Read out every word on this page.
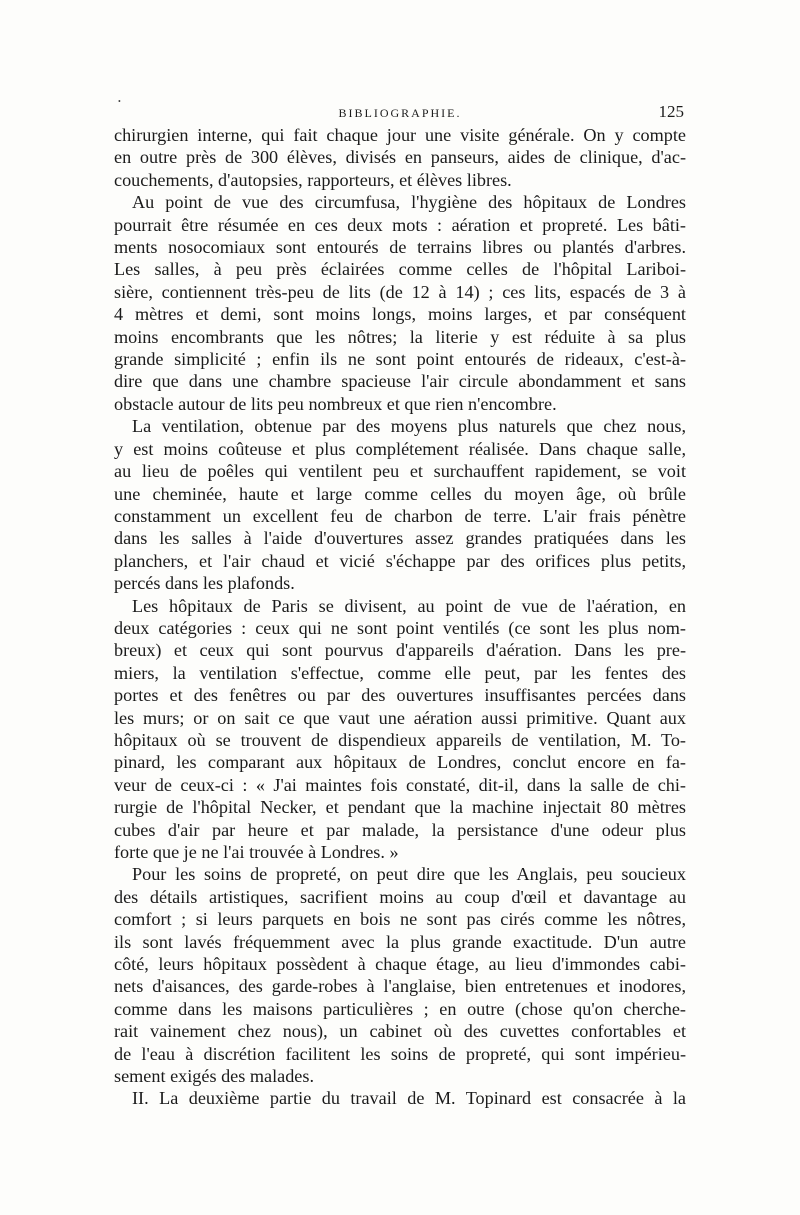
•
BIBLIOGRAPHIE.	125
chirurgien interne, qui fait chaque jour une visite générale. On y compte
en outre près de 300 élèves, divisés en panseurs, aides de clinique, d'ac-
couchements, d'autopsies, rapporteurs, et élèves libres.
Au point de vue des circumfusa, l'hygiène des hôpitaux de Londres
pourrait être résumée en ces deux mots : aération et propreté. Les bâti-
ments nosocomiaux sont entourés de terrains libres ou plantés d'arbres.
Les salles, à peu près éclairées comme celles de l'hôpital Lariboi-
sière, contiennent très-peu de lits (de 12 à 14) ; ces lits, espacés de 3 à
4 mètres et demi, sont moins longs, moins larges, et par conséquent
moins encombrants que les nôtres; la literie y est réduite à sa plus
grande simplicité ; enfin ils ne sont point entourés de rideaux, c'est-à-
dire que dans une chambre spacieuse l'air circule abondamment et sans
obstacle autour de lits peu nombreux et que rien n'encombre.
La ventilation, obtenue par des moyens plus naturels que chez nous,
y est moins coûteuse et plus complétement réalisée. Dans chaque salle,
au lieu de poêles qui ventilent peu et surchauffent rapidement, se voit
une cheminée, haute et large comme celles du moyen âge, où brûle
constamment un excellent feu de charbon de terre. L'air frais pénètre
dans les salles à l'aide d'ouvertures assez grandes pratiquées dans les
planchers, et l'air chaud et vicié s'échappe par des orifices plus petits,
percés dans les plafonds.
Les hôpitaux de Paris se divisent, au point de vue de l'aération, en
deux catégories : ceux qui ne sont point ventilés (ce sont les plus nom-
breux) et ceux qui sont pourvus d'appareils d'aération. Dans les pre-
miers, la ventilation s'effectue, comme elle peut, par les fentes des
portes et des fenêtres ou par des ouvertures insuffisantes percées dans
les murs; or on sait ce que vaut une aération aussi primitive. Quant aux
hôpitaux où se trouvent de dispendieux appareils de ventilation, M. To-
pinard, les comparant aux hôpitaux de Londres, conclut encore en fa-
veur de ceux-ci : « J'ai maintes fois constaté, dit-il, dans la salle de chi-
rurgie de l'hôpital Necker, et pendant que la machine injectait 80 mètres
cubes d'air par heure et par malade, la persistance d'une odeur plus
forte que je ne l'ai trouvée à Londres. »
Pour les soins de propreté, on peut dire que les Anglais, peu soucieux
des détails artistiques, sacrifient moins au coup d'œil et davantage au
comfort ; si leurs parquets en bois ne sont pas cirés comme les nôtres,
ils sont lavés fréquemment avec la plus grande exactitude. D'un autre
côté, leurs hôpitaux possèdent à chaque étage, au lieu d'immondes cabi-
nets d'aisances, des garde-robes à l'anglaise, bien entretenues et inodores,
comme dans les maisons particulières ; en outre (chose qu'on cherche-
rait vainement chez nous), un cabinet où des cuvettes confortables et
de l'eau à discrétion facilitent les soins de propreté, qui sont impérieu-
sement exigés des malades.
II. La deuxième partie du travail de M. Topinard est consacrée à la
